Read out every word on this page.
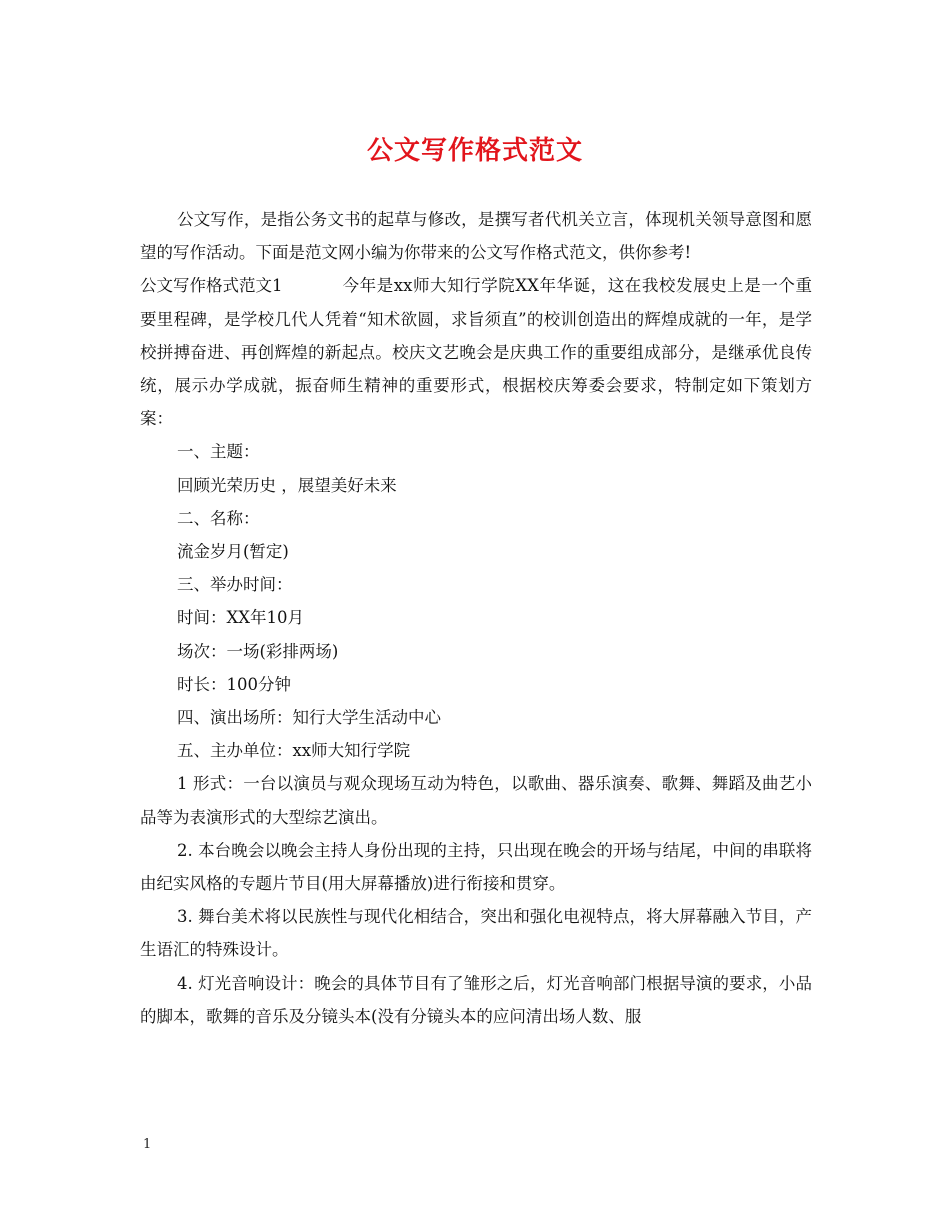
公文写作格式范文

公文写作，是指公务文书的起草与修改，是撰写者代机关立言，体现机关领导意图和愿望的写作活动。下面是范文网小编为你带来的公文写作格式范文，供你参考!

公文写作格式范文1	今年是xx师大知行学院XX年华诞，这在我校发展史上是一个重要里程碑，是学校几代人凭着“知术欲圆，求旨须直”的校训创造出的辉煌成就的一年，是学校拼搏奋进、再创辉煌的新起点。校庆文艺晚会是庆典工作的重要组成部分，是继承优良传统，展示办学成就，振奋师生精神的重要形式，根据校庆筹委会要求，特制定如下策划方案：

一、主题：

回顾光荣历史 ，展望美好未来

二、名称：

流金岁月(暂定)

三、举办时间：

时间：XX年10月

场次：一场(彩排两场)

时长：100分钟

四、演出场所：知行大学生活动中心

五、主办单位：xx师大知行学院

1 形式：一台以演员与观众现场互动为特色，以歌曲、器乐演奏、歌舞、舞蹈及曲艺小品等为表演形式的大型综艺演出。

2. 本台晚会以晚会主持人身份出现的主持，只出现在晚会的开场与结尾，中间的串联将由纪实风格的专题片节目(用大屏幕播放)进行衔接和贯穿。

3. 舞台美术将以民族性与现代化相结合，突出和强化电视特点，将大屏幕融入节目，产生语汇的特殊设计。

4. 灯光音响设计：晚会的具体节目有了雏形之后，灯光音响部门根据导演的要求，小品的脚本，歌舞的音乐及分镜头本(没有分镜头本的应问清出场人数、服

1
